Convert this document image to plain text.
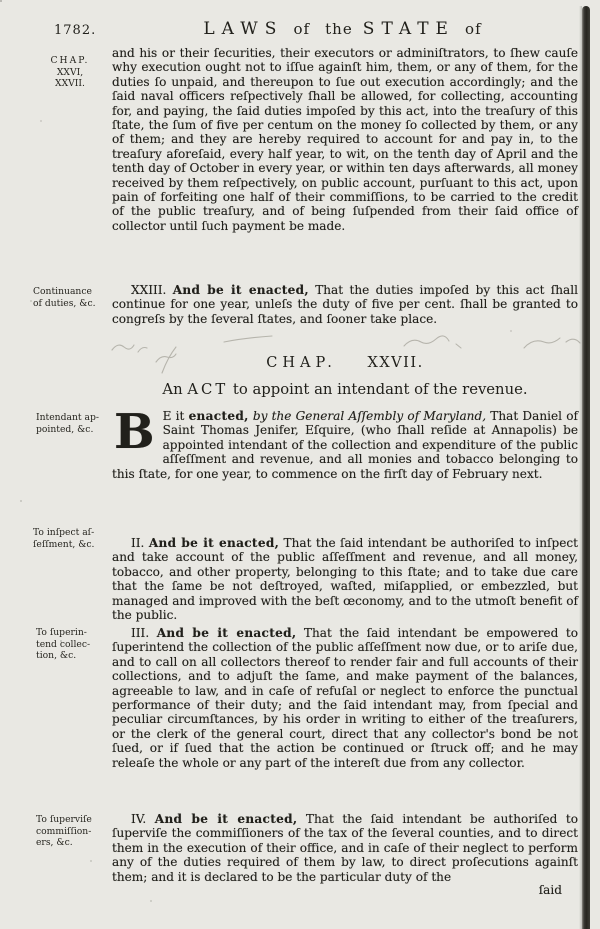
1782.	LAWS of the STATE of
CHAP.
XXVI,
XXVII.
Continuance
of duties, &c.
Intendant ap-
pointed, &c.
To inſpect aſ-
ſeſſment, &c.
To ſuperin-
tend collec-
tion, &c.
To ſuperviſe
commiſſion-
ers, &c.
and his or their ſecurities, their executors or adminiſtrators, to ſhew cauſe why execution ought not to iſſue againſt him, them, or any of them, for the duties ſo unpaid, and thereupon to ſue out execution accordingly; and the ſaid naval officers reſpectively ſhall be allowed, for collecting, accounting for, and paying, the ſaid duties impoſed by this act, into the treaſury of this ſtate, the ſum of five per centum on the money ſo collected by them, or any of them; and they are hereby required to account for and pay in, to the treaſury aforeſaid, every half year, to wit, on the tenth day of April and the tenth day of October in every year, or within ten days afterwards, all money received by them reſpectively, on public account, purſuant to this act, upon pain of forfeiting one half of their commiſſions, to be carried to the credit of the public treaſury, and of being ſuſpended from their ſaid office of collector until ſuch payment be made.
XXIII. And be it enacted, That the duties impoſed by this act ſhall continue for one year, unleſs the duty of five per cent. ſhall be granted to congreſs by the ſeveral ſtates, and ſooner take place.
CHAP. XXVII.
An ACT to appoint an intendant of the revenue.
B E it enacted, by the General Aſſembly of Maryland, That Daniel of Saint Thomas Jenifer, Eſquire, (who ſhall reſide at Annapolis) be appointed intendant of the collection and expenditure of the public aſſeſſment and revenue, and all monies and tobacco belonging to this ſtate, for one year, to commence on the firſt day of February next.
II. And be it enacted, That the ſaid intendant be authoriſed to inſpect and take account of the public aſſeſſment and revenue, and all money, tobacco, and other property, belonging to this ſtate; and to take due care that the ſame be not deſtroyed, waſted, miſapplied, or embezzled, but managed and improved with the beſt œconomy, and to the utmoſt benefit of the public.
III. And be it enacted, That the ſaid intendant be empowered to ſuperintend the collection of the public aſſeſſment now due, or to ariſe due, and to call on all collectors thereof to render fair and full accounts of their collections, and to adjuſt the ſame, and make payment of the balances, agreeable to law, and in caſe of refuſal or neglect to enforce the punctual performance of their duty; and the ſaid intendant may, from ſpecial and peculiar circumſtances, by his order in writing to either of the treaſurers, or the clerk of the general court, direct that any collector's bond be not ſued, or if ſued that the action be continued or ſtruck off; and he may releaſe the whole or any part of the intereſt due from any collector.
IV. And be it enacted, That the ſaid intendant be authoriſed to ſuperviſe the commiſſioners of the tax of the ſeveral counties, and to direct them in the execution of their office, and in caſe of their neglect to perform any of the duties required of them by law, to direct proſecutions againſt them; and it is declared to be the particular duty of the
ſaid
